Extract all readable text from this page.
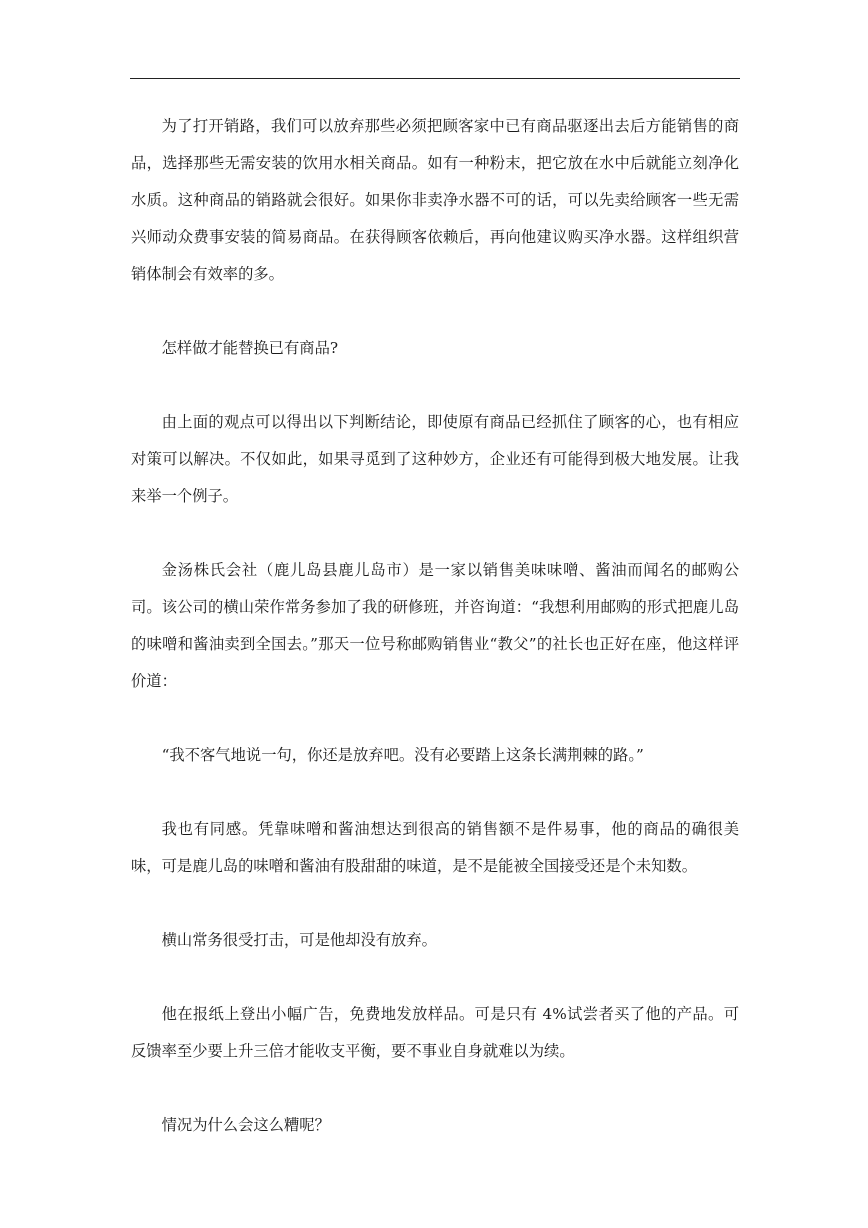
为了打开销路，我们可以放弃那些必须把顾客家中已有商品驱逐出去后方能销售的商品，选择那些无需安装的饮用水相关商品。如有一种粉末，把它放在水中后就能立刻净化水质。这种商品的销路就会很好。如果你非卖净水器不可的话，可以先卖给顾客一些无需兴师动众费事安装的简易商品。在获得顾客依赖后，再向他建议购买净水器。这样组织营销体制会有效率的多。

怎样做才能替换已有商品?

由上面的观点可以得出以下判断结论，即使原有商品已经抓住了顾客的心，也有相应对策可以解决。不仅如此，如果寻觅到了这种妙方，企业还有可能得到极大地发展。让我来举一个例子。

金汤株氏会社（鹿儿岛县鹿儿岛市）是一家以销售美味味噌、酱油而闻名的邮购公司。该公司的横山荣作常务参加了我的研修班，并咨询道：“我想利用邮购的形式把鹿儿岛的味噌和酱油卖到全国去。”那天一位号称邮购销售业“教父”的社长也正好在座，他这样评价道：

“我不客气地说一句，你还是放弃吧。没有必要踏上这条长满荆棘的路。”

我也有同感。凭靠味噌和酱油想达到很高的销售额不是件易事，他的商品的确很美味，可是鹿儿岛的味噌和酱油有股甜甜的味道，是不是能被全国接受还是个未知数。

横山常务很受打击，可是他却没有放弃。

他在报纸上登出小幅广告，免费地发放样品。可是只有 4%试尝者买了他的产品。可反馈率至少要上升三倍才能收支平衡，要不事业自身就难以为续。

情况为什么会这么糟呢？
